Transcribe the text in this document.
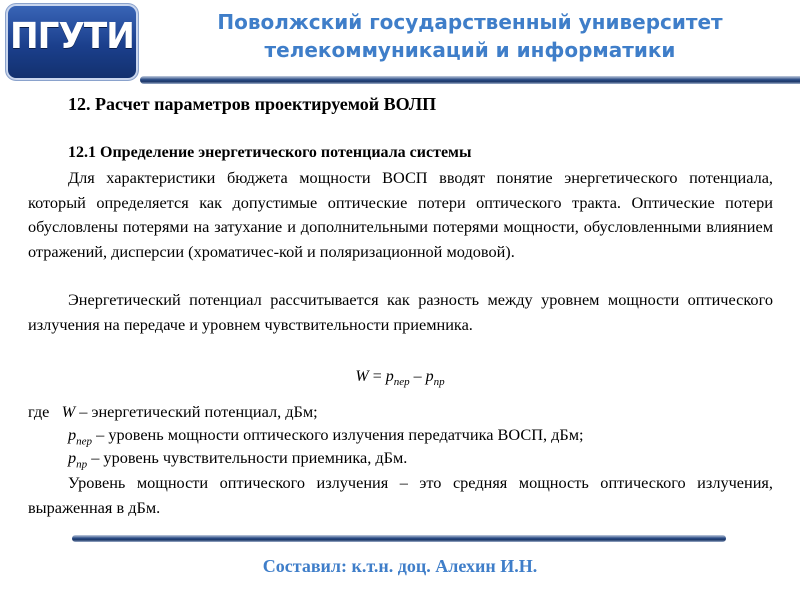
ПГУТИ	Поволжский государственный университет
телекоммуникаций и информатики
12. Расчет параметров проектируемой ВОЛП
12.1 Определение энергетического потенциала системы
Для характеристики бюджета мощности ВОСП вводят понятие энергетического потенциала, который определяется как допустимые оптические потери оптического тракта. Оптические потери обусловлены потерями на затухание и дополнительными потерями мощности, обусловленными влиянием отражений, дисперсии (хроматичес-кой и поляризационной модовой).
Энергетический потенциал рассчитывается как разность между уровнем мощности оптического излучения на передаче и уровнем чувствительности приемника.
$W = p_{пер} - p_{пр}$
где W – энергетический потенциал, дБм;
$p_{пер}$ – уровень мощности оптического излучения передатчика ВОСП, дБм;
$p_{пр}$ – уровень чувствительности приемника, дБм.
Уровень мощности оптического излучения – это средняя мощность оптического излучения, выраженная в дБм.
Составил: к.т.н. доц. Алехин И.Н.
